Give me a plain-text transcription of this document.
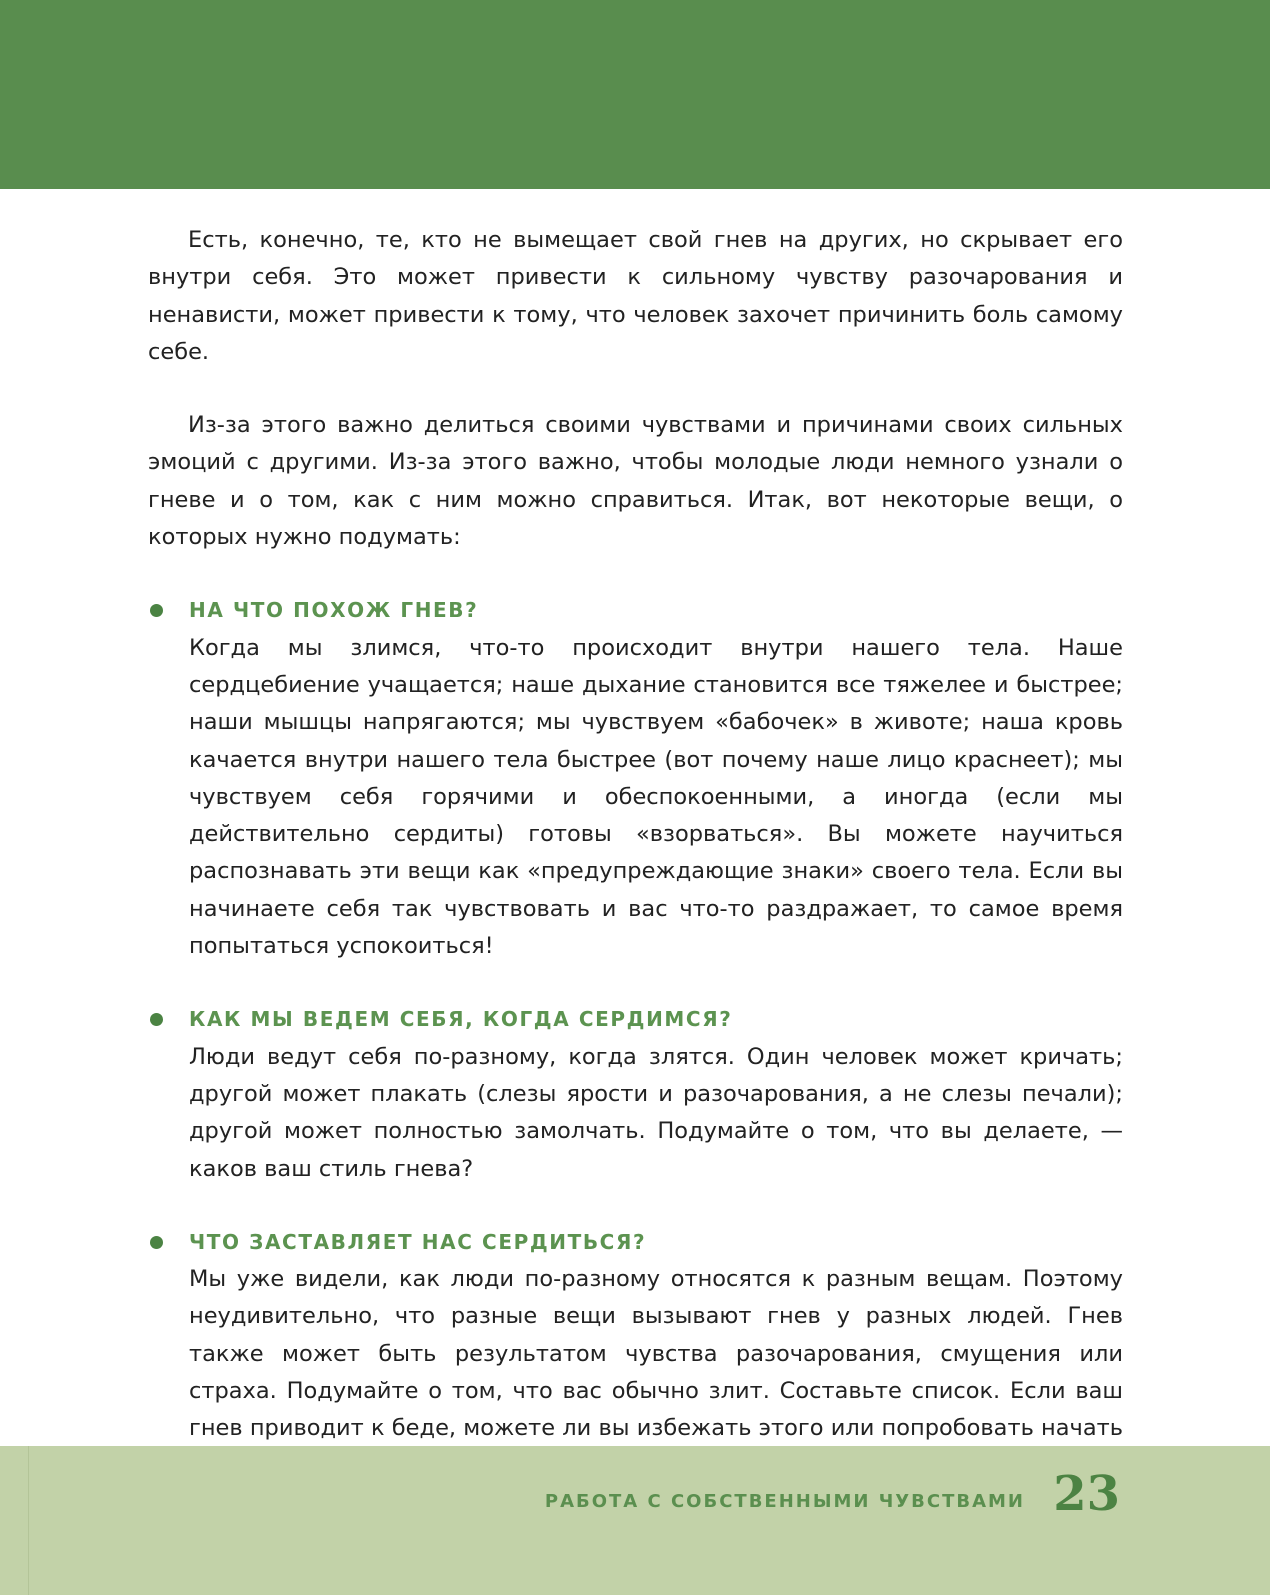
Есть, конечно, те, кто не вымещает свой гнев на других, но скрывает его внутри себя. Это может привести к сильному чувству разочарования и ненависти, может привести к тому, что человек захочет причинить боль самому себе.

Из-за этого важно делиться своими чувствами и причинами своих сильных эмоций с другими. Из-за этого важно, чтобы молодые люди немного узнали о гневе и о том, как с ним можно справиться. Итак, вот некоторые вещи, о которых нужно подумать:

НА ЧТО ПОХОЖ ГНЕВ?

Когда мы злимся, что-то происходит внутри нашего тела. Наше сердцебиение учащается; наше дыхание становится все тяжелее и быстрее; наши мышцы напрягаются; мы чувствуем «бабочек» в животе; наша кровь качается внутри нашего тела быстрее (вот почему наше лицо краснеет); мы чувствуем себя горячими и обеспокоенными, а иногда (если мы действительно сердиты) готовы «взорваться». Вы можете научиться распознавать эти вещи как «предупреждающие знаки» своего тела. Если вы начинаете себя так чувствовать и вас что-то раздражает, то самое время попытаться успокоиться!

КАК МЫ ВЕДЕМ СЕБЯ, КОГДА СЕРДИМСЯ?

Люди ведут себя по-разному, когда злятся. Один человек может кричать; другой может плакать (слезы ярости и разочарования, а не слезы печали); другой может полностью замолчать. Подумайте о том, что вы делаете, — каков ваш стиль гнева?

ЧТО ЗАСТАВЛЯЕТ НАС СЕРДИТЬСЯ?

Мы уже видели, как люди по-разному относятся к разным вещам. Поэтому неудивительно, что разные вещи вызывают гнев у разных людей. Гнев также может быть результатом чувства разочарования, смущения или страха. Подумайте о том, что вас обычно злит. Составьте список. Если ваш гнев приводит к беде, можете ли вы избежать этого или попробовать начать

РАБОТА С СОБСТВЕННЫМИ ЧУВСТВАМИ 23
